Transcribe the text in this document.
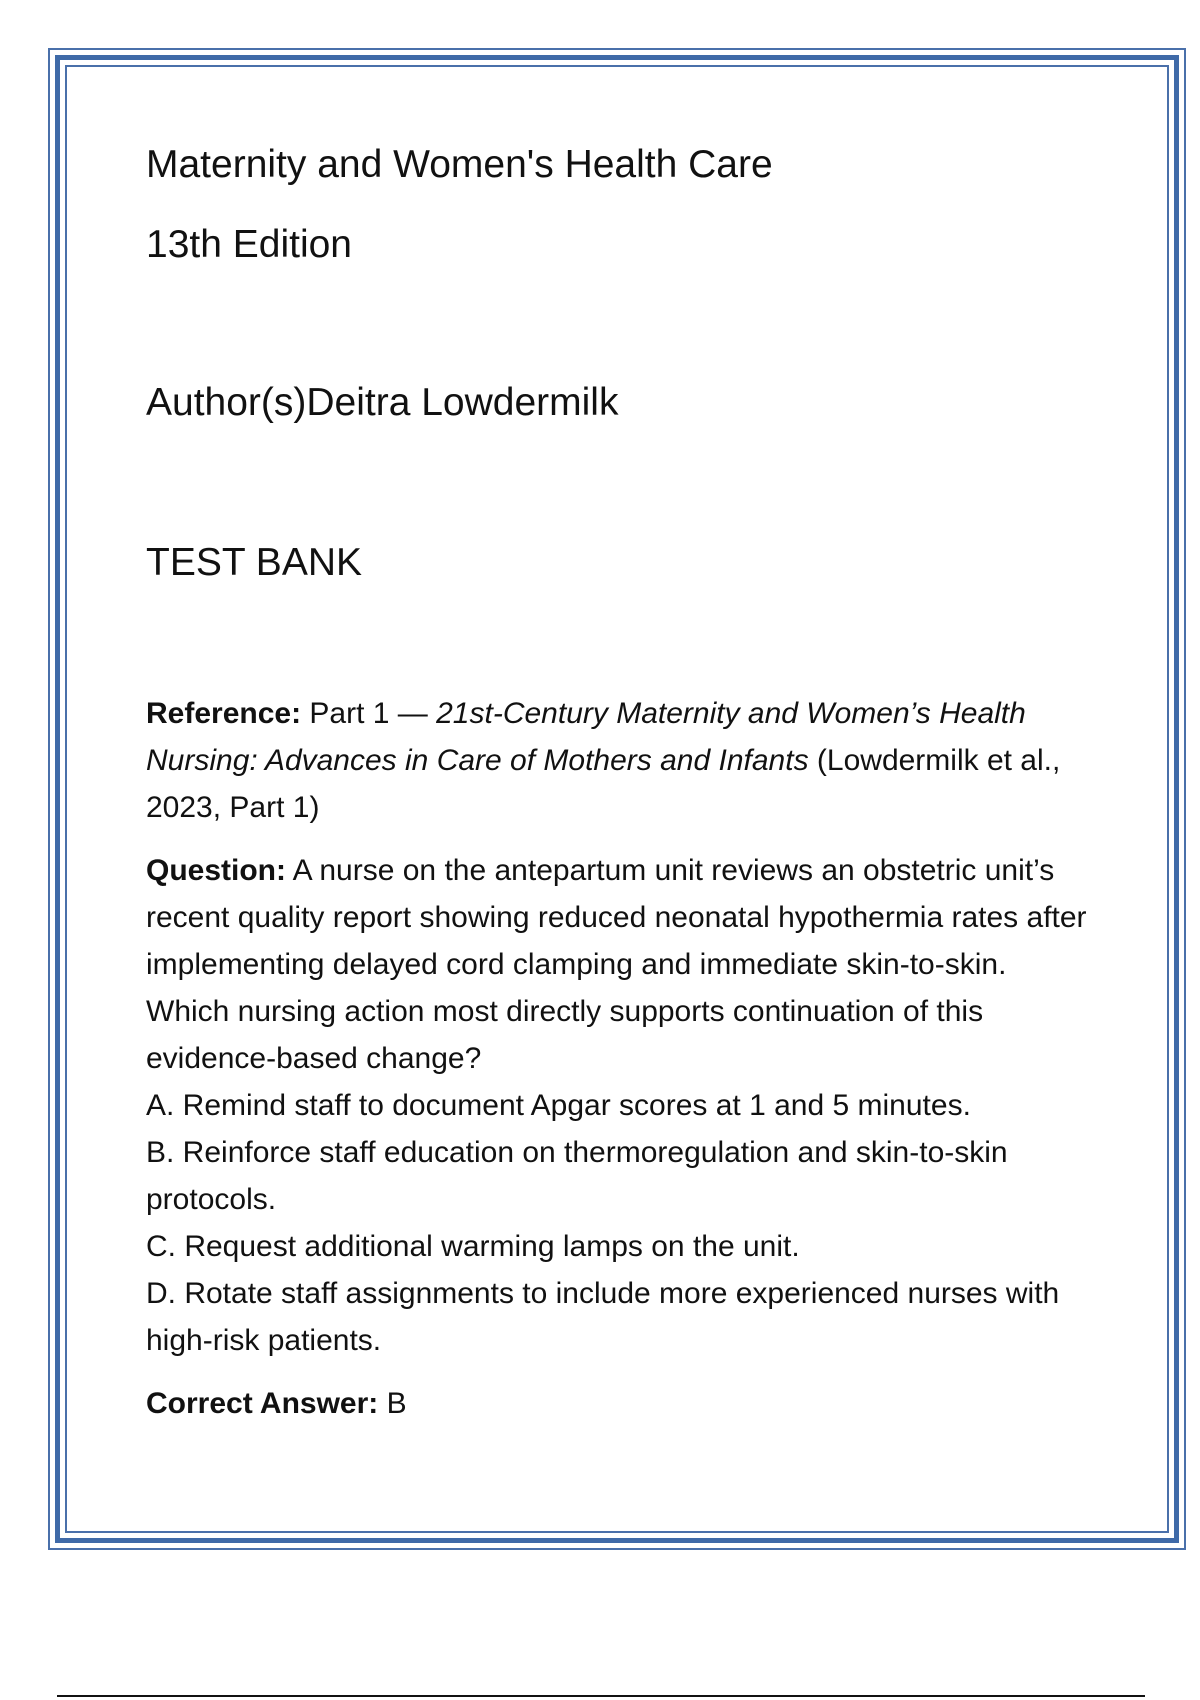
Maternity and Women's Health Care

13th Edition

Author(s)Deitra Lowdermilk

TEST BANK

Reference: Part 1 — 21st-Century Maternity and Women’s Health Nursing: Advances in Care of Mothers and Infants (Lowdermilk et al., 2023, Part 1)
Question: A nurse on the antepartum unit reviews an obstetric unit’s recent quality report showing reduced neonatal hypothermia rates after implementing delayed cord clamping and immediate skin-to-skin. Which nursing action most directly supports continuation of this evidence-based change?
A. Remind staff to document Apgar scores at 1 and 5 minutes.
B. Reinforce staff education on thermoregulation and skin-to-skin protocols.
C. Request additional warming lamps on the unit.
D. Rotate staff assignments to include more experienced nurses with high-risk patients.
Correct Answer: B
